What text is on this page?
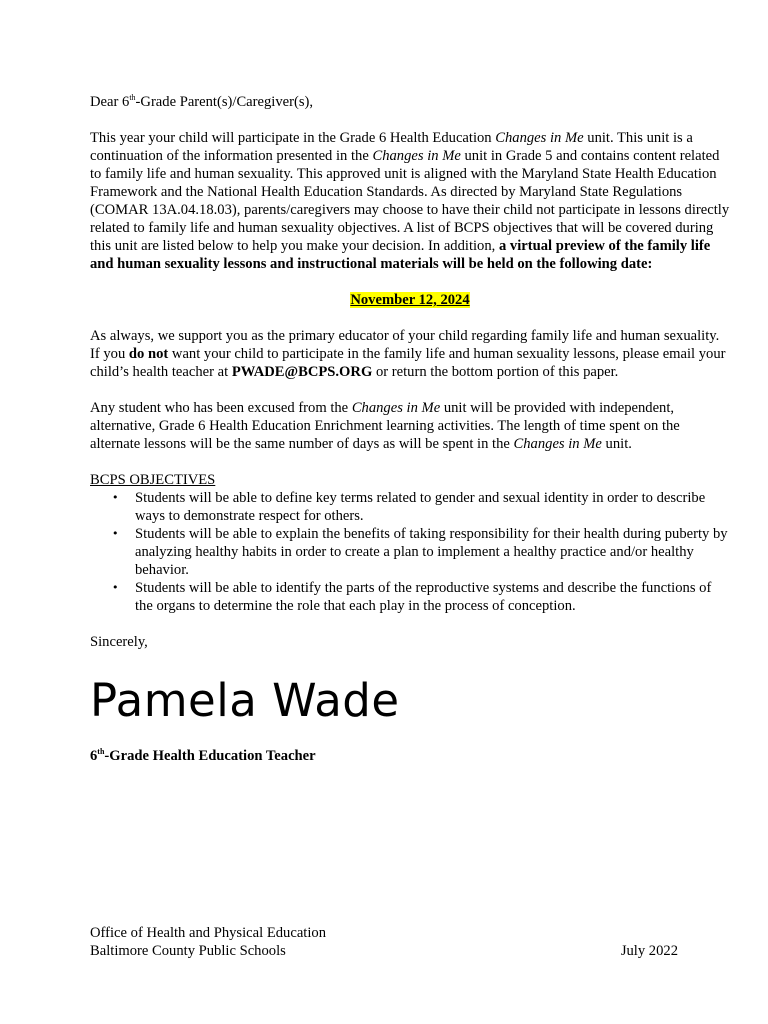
Dear 6th-Grade Parent(s)/Caregiver(s),

This year your child will participate in the Grade 6 Health Education Changes in Me unit. This unit is a continuation of the information presented in the Changes in Me unit in Grade 5 and contains content related to family life and human sexuality. This approved unit is aligned with the Maryland State Health Education Framework and the National Health Education Standards. As directed by Maryland State Regulations (COMAR 13A.04.18.03), parents/caregivers may choose to have their child not participate in lessons directly related to family life and human sexuality objectives. A list of BCPS objectives that will be covered during this unit are listed below to help you make your decision. In addition, a virtual preview of the family life and human sexuality lessons and instructional materials will be held on the following date:

November 12, 2024

As always, we support you as the primary educator of your child regarding family life and human sexuality. If you do not want your child to participate in the family life and human sexuality lessons, please email your child’s health teacher at PWADE@BCPS.ORG or return the bottom portion of this paper.

Any student who has been excused from the Changes in Me unit will be provided with independent, alternative, Grade 6 Health Education Enrichment learning activities. The length of time spent on the alternate lessons will be the same number of days as will be spent in the Changes in Me unit.

BCPS OBJECTIVES
• Students will be able to define key terms related to gender and sexual identity in order to describe ways to demonstrate respect for others.
• Students will be able to explain the benefits of taking responsibility for their health during puberty by analyzing healthy habits in order to create a plan to implement a healthy practice and/or healthy behavior.
• Students will be able to identify the parts of the reproductive systems and describe the functions of the organs to determine the role that each play in the process of conception.

Sincerely,

Pamela Wade
6th-Grade Health Education Teacher
Office of Health and Physical Education
Baltimore County Public Schools	July 2022
